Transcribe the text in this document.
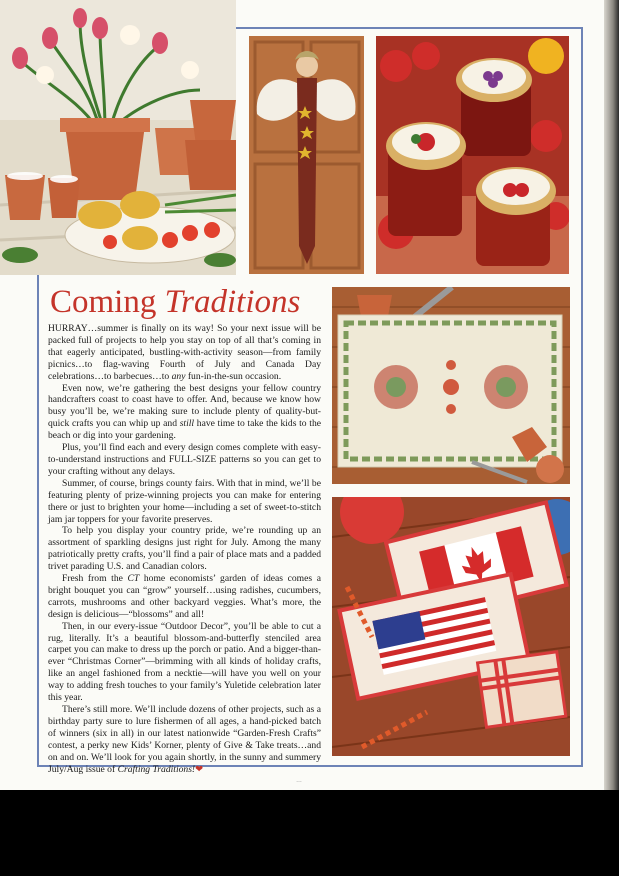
Coming Traditions

HURRAY…summer is finally on its way! So your next issue will be packed full of projects to help you stay on top of all that’s coming in that eagerly anticipated, bustling-with-activity season—from family picnics…to flag-waving Fourth of July and Canada Day celebrations…to barbecues…to any fun-in-the-sun occasion.

Even now, we’re gathering the best designs your fellow country handcrafters coast to coast have to offer. And, because we know how busy you’ll be, we’re making sure to include plenty of quality-but-quick crafts you can whip up and still have time to take the kids to the beach or dig into your gardening.

Plus, you’ll find each and every design comes complete with easy-to-understand instructions and FULL-SIZE patterns so you can get to your crafting without any delays.

Summer, of course, brings county fairs. With that in mind, we’ll be featuring plenty of prize-winning projects you can make for entering there or just to brighten your home—including a set of sweet-to-stitch jam jar toppers for your favorite preserves.

To help you display your country pride, we’re rounding up an assortment of sparkling designs just right for July. Among the many patriotically pretty crafts, you’ll find a pair of place mats and a padded trivet parading U.S. and Canadian colors.

Fresh from the CT home economists’ garden of ideas comes a bright bouquet you can “grow” yourself…using radishes, cucumbers, carrots, mushrooms and other backyard veggies. What’s more, the design is delicious—“blossoms” and all!

Then, in our every-issue “Outdoor Decor”, you’ll be able to cut a rug, literally. It’s a beautiful blossom-and-butterfly stenciled area carpet you can make to dress up the porch or patio. And a bigger-than-ever “Christmas Corner”—brimming with all kinds of holiday crafts, like an angel fashioned from a necktie—will have you well on your way to adding fresh touches to your family’s Yuletide celebration later this year.

There’s still more. We’ll include dozens of other projects, such as a birthday party sure to lure fishermen of all ages, a hand-picked batch of winners (six in all) in our latest nationwide “Garden-Fresh Crafts” contest, a perky new Kids’ Korner, plenty of Give & Take treats…and on and on. We’ll look for you again shortly, in the sunny and summery July/Aug issue of Crafting Traditions!❤

…
